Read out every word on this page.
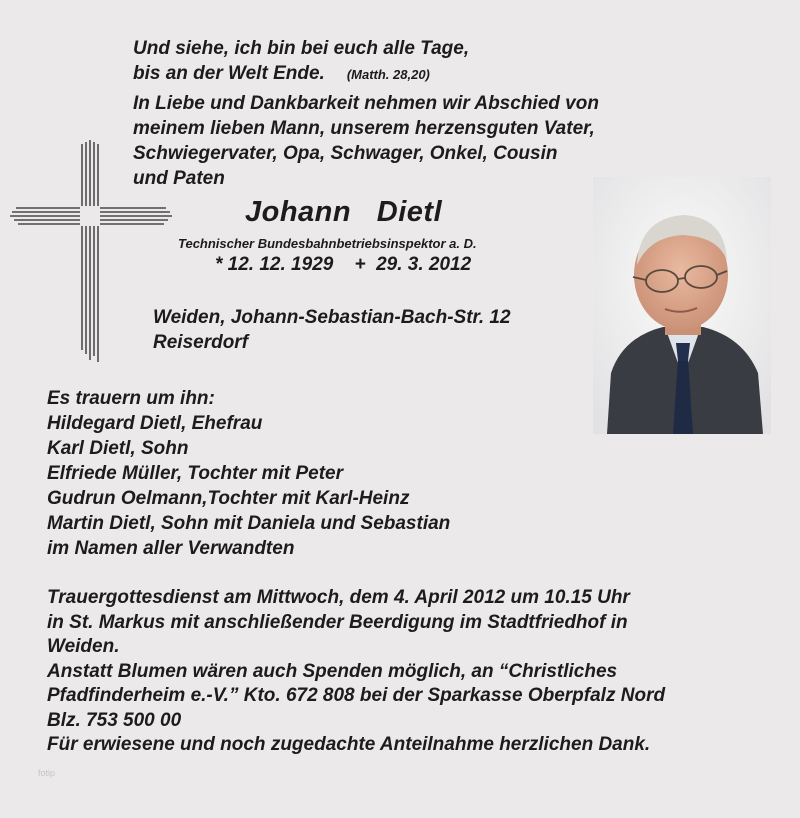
Und siehe, ich bin bei euch alle Tage,
bis an der Welt Ende. (Matth. 28,20)
In Liebe und Dankbarkeit nehmen wir Abschied von
meinem lieben Mann, unserem herzensguten Vater,
Schwiegervater, Opa, Schwager, Onkel, Cousin
und Paten
Johann   Dietl
Technischer Bundesbahnbetriebsinspektor a. D.
* 12. 12. 1929    +  29. 3. 2012
Weiden, Johann-Sebastian-Bach-Str. 12
Reiserdorf
Es trauern um ihn:
Hildegard Dietl, Ehefrau
Karl Dietl, Sohn
Elfriede Müller, Tochter mit Peter
Gudrun Oelmann,Tochter mit Karl-Heinz
Martin Dietl, Sohn mit Daniela und Sebastian
im Namen aller Verwandten
Trauergottesdienst am Mittwoch, dem 4. April 2012 um 10.15 Uhr
in St. Markus mit anschließender Beerdigung im Stadtfriedhof in
Weiden.
Anstatt Blumen wären auch Spenden möglich, an “Christliches
Pfadfinderheim e.-V.” Kto. 672 808 bei der Sparkasse Oberpfalz Nord
Blz. 753 500 00
Für erwiesene und noch zugedachte Anteilnahme herzlichen Dank.
fotip
